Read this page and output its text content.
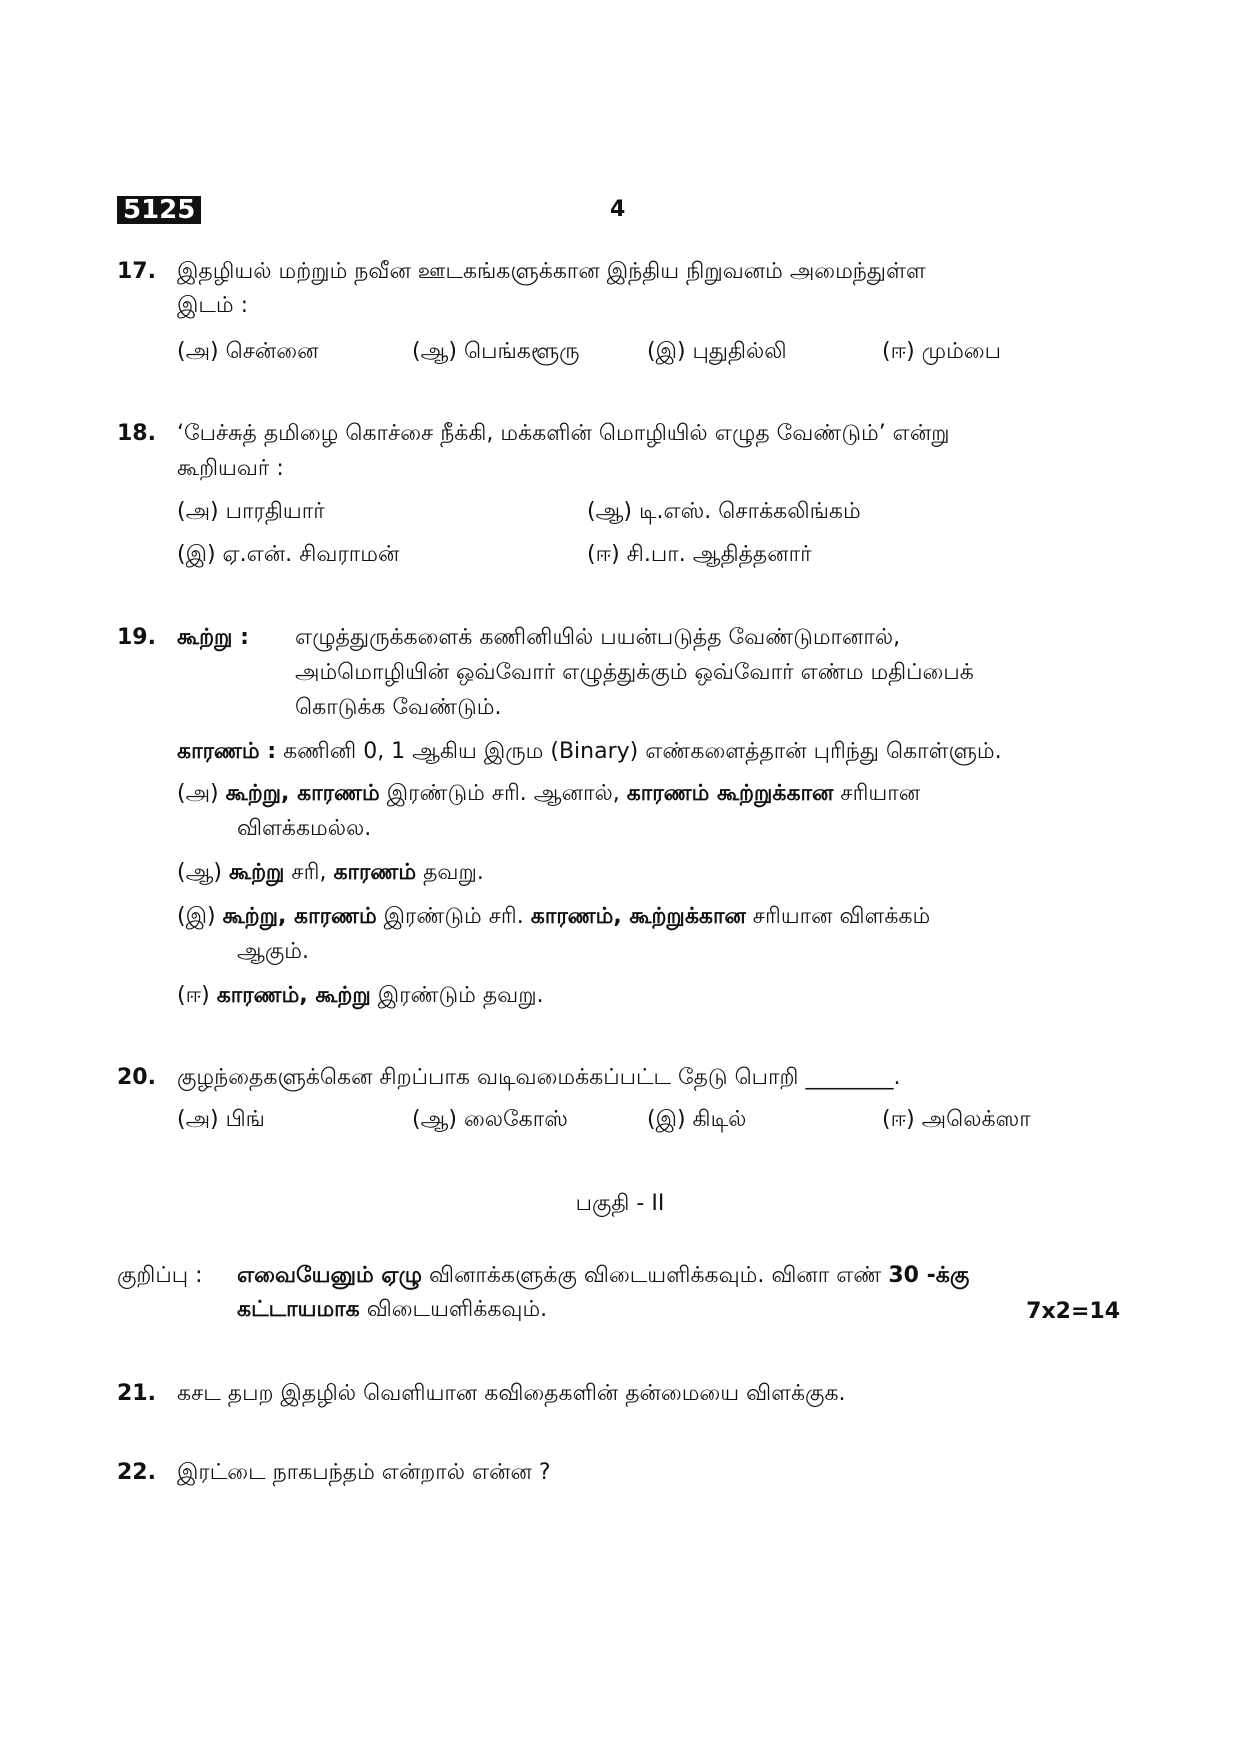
5125	4
17. இதழியல் மற்றும் நவீன ஊடகங்களுக்கான இந்திய நிறுவனம் அமைந்துள்ள
இடம் :
(அ) சென்னை	(ஆ) பெங்களூரு	(இ) புதுதில்லி	(ஈ) மும்பை
18. ‘பேச்சுத் தமிழை கொச்சை நீக்கி, மக்களின் மொழியில் எழுத வேண்டும்’ என்று
கூறியவர் :
(அ) பாரதியார்	(ஆ) டி.எஸ். சொக்கலிங்கம்
(இ) ஏ.என். சிவராமன்	(ஈ) சி.பா. ஆதித்தனார்
19. கூற்று : எழுத்துருக்களைக் கணினியில் பயன்படுத்த வேண்டுமானால்,
அம்மொழியின் ஒவ்வோர் எழுத்துக்கும் ஒவ்வோர் எண்ம மதிப்பைக்
கொடுக்க வேண்டும்.
காரணம் : கணினி 0, 1 ஆகிய இரும (Binary) எண்களைத்தான் புரிந்து கொள்ளும்.
(அ) கூற்று, காரணம் இரண்டும் சரி. ஆனால், காரணம் கூற்றுக்கான சரியான
விளக்கமல்ல.
(ஆ) கூற்று சரி, காரணம் தவறு.
(இ) கூற்று, காரணம் இரண்டும் சரி. காரணம், கூற்றுக்கான சரியான விளக்கம்
ஆகும்.
(ஈ) காரணம், கூற்று இரண்டும் தவறு.
20. குழந்தைகளுக்கென சிறப்பாக வடிவமைக்கப்பட்ட தேடு பொறி ________.
(அ) பிங்	(ஆ) லைகோஸ்	(இ) கிடில்	(ஈ) அலெக்ஸா
பகுதி - II
குறிப்பு : எவையேனும் ஏழு வினாக்களுக்கு விடையளிக்கவும். வினா எண் 30 -க்கு
கட்டாயமாக விடையளிக்கவும்.	7x2=14
21. கசட தபற இதழில் வெளியான கவிதைகளின் தன்மையை விளக்குக.
22. இரட்டை நாகபந்தம் என்றால் என்ன ?
